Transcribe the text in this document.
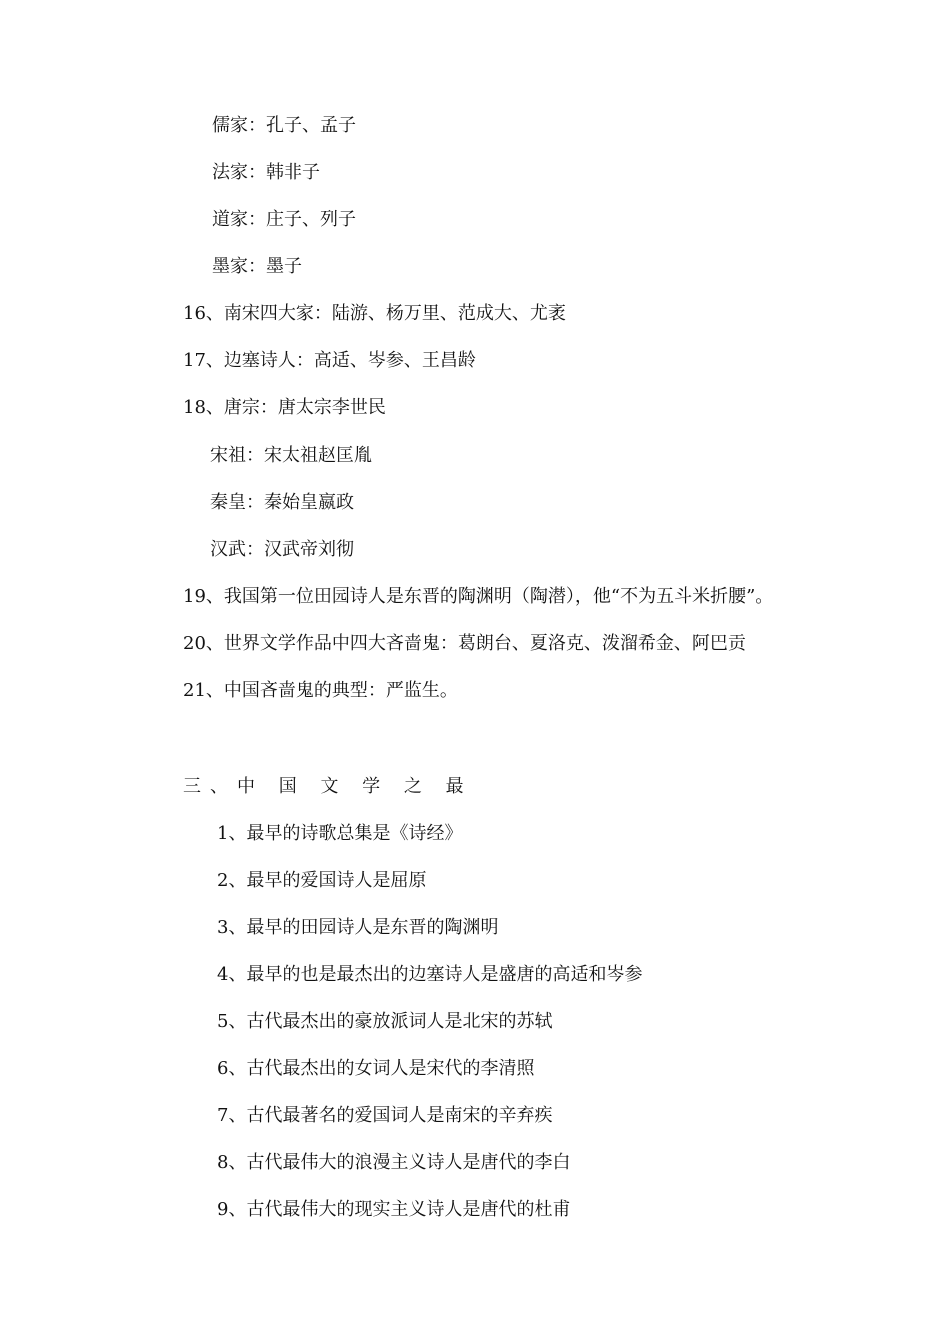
儒家：孔子、孟子
法家：韩非子
道家：庄子、列子
墨家：墨子
16、南宋四大家：陆游、杨万里、范成大、尤袤
17、边塞诗人：高适、岑参、王昌龄
18、唐宗：唐太宗李世民
宋祖：宋太祖赵匡胤
秦皇：秦始皇嬴政
汉武：汉武帝刘彻
19、我国第一位田园诗人是东晋的陶渊明（陶潜），他“不为五斗米折腰”。
20、世界文学作品中四大吝啬鬼：葛朗台、夏洛克、泼溜希金、阿巴贡
21、中国吝啬鬼的典型：严监生。
三、中 国 文 学 之 最
1、最早的诗歌总集是《诗经》
2、最早的爱国诗人是屈原
3、最早的田园诗人是东晋的陶渊明
4、最早的也是最杰出的边塞诗人是盛唐的高适和岑参
5、古代最杰出的豪放派词人是北宋的苏轼
6、古代最杰出的女词人是宋代的李清照
7、古代最著名的爱国词人是南宋的辛弃疾
8、古代最伟大的浪漫主义诗人是唐代的李白
9、古代最伟大的现实主义诗人是唐代的杜甫
